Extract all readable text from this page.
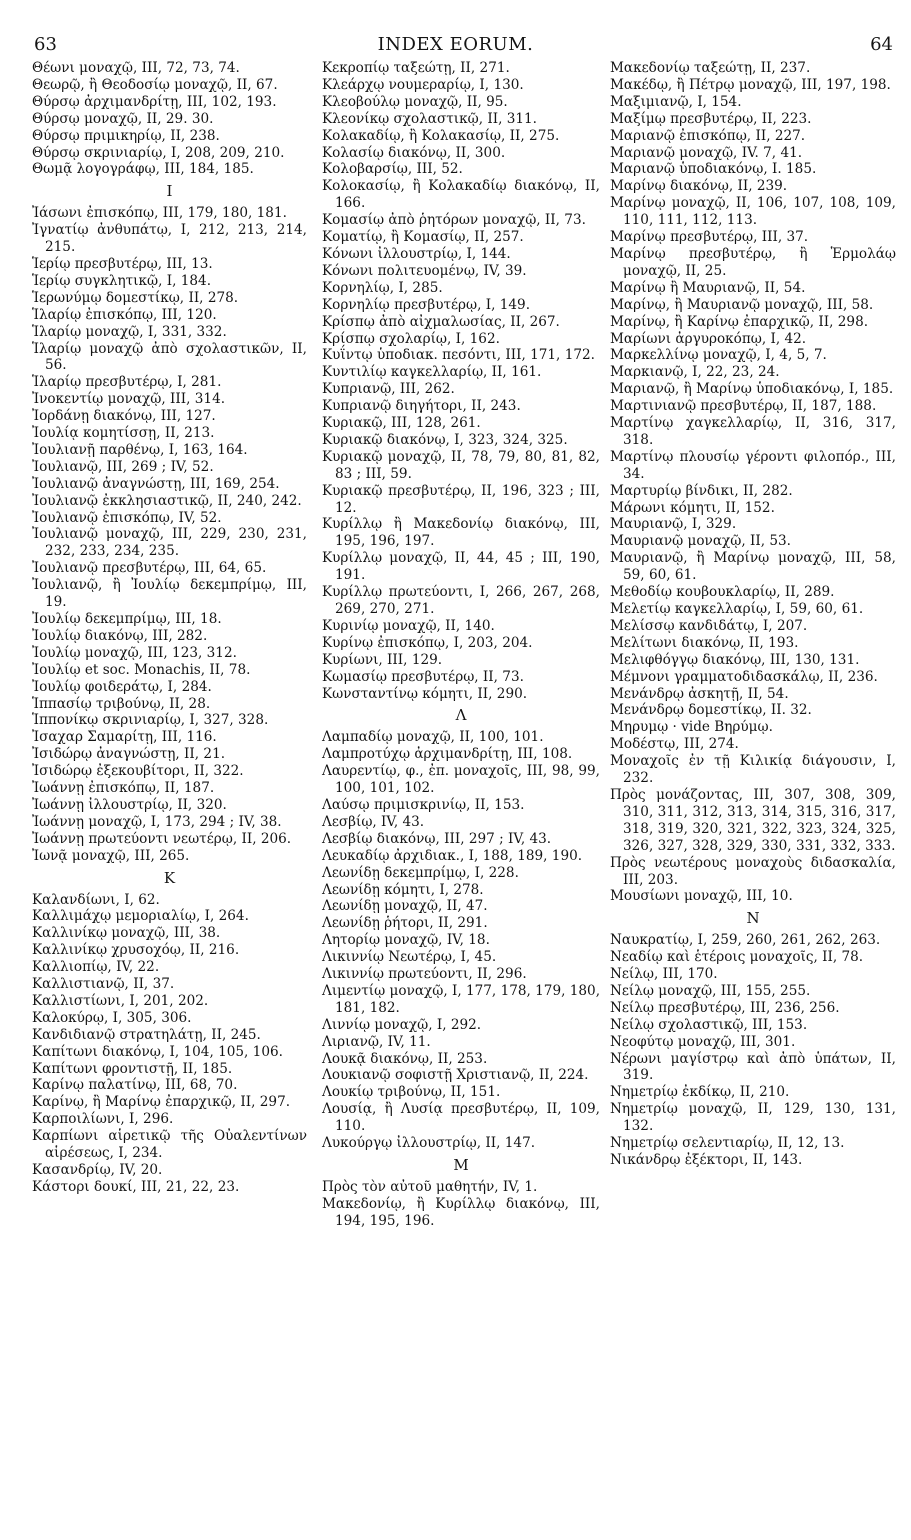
63	INDEX EORUM.	64

Θέωνι μοναχῷ, III, 72, 73, 74.

Θεωρῷ, ἢ Θεοδοσίῳ μοναχῷ, II, 67.

Θύρσῳ ἀρχιμανδρίτῃ, III, 102, 193.

Θύρσῳ μοναχῷ, II, 29. 30.

Θύρσῳ πριμικηρίῳ, II, 238.

Θύρσῳ σκρινιαρίῳ, I, 208, 209, 210.

Θωμᾷ λογογράφῳ, III, 184, 185.

I

Ἰάσωνι ἐπισκόπῳ, III, 179, 180, 181.

Ἰγνατίῳ ἀνθυπάτῳ, I, 212, 213, 214, 215.

Ἱερίῳ πρεσβυτέρῳ, III, 13.

Ἱερίῳ συγκλητικῷ, I, 184.

Ἱερωνύμῳ δομεστίκῳ, II, 278.

Ἱλαρίῳ ἐπισκόπῳ, III, 120.

Ἱλαρίῳ μοναχῷ, I, 331, 332.

Ἱλαρίῳ μοναχῷ ἀπὸ σχολαστικῶν, II, 56.

Ἱλαρίῳ πρεσβυτέρῳ, I, 281.

Ἰνοκεντίῳ μοναχῷ, III, 314.

Ἰορδάνῃ διακόνῳ, III, 127.

Ἰουλίᾳ κομητίσσῃ, II, 213.

Ἰουλιανῇ παρθένῳ, I, 163, 164.

Ἰουλιανῷ, III, 269 ; IV, 52.

Ἰουλιανῷ ἀναγνώστῃ, III, 169, 254.

Ἰουλιανῷ ἐκκλησιαστικῷ, II, 240, 242.

Ἰουλιανῷ ἐπισκόπῳ, IV, 52.

Ἰουλιανῷ μοναχῷ, III, 229, 230, 231, 232, 233, 234, 235.

Ἰουλιανῷ πρεσβυτέρῳ, III, 64, 65.

Ἰουλιανῷ, ἢ Ἰουλίῳ δεκεμπρίμῳ, III, 19.

Ἰουλίῳ δεκεμπρίμῳ, III, 18.

Ἰουλίῳ διακόνῳ, III, 282.

Ἰουλίῳ μοναχῷ, III, 123, 312.

Ἰουλίῳ et soc. Monachis, II, 78.

Ἰουλίῳ φοιδεράτῳ, I, 284.

Ἱππασίῳ τριβούνῳ, II, 28.

Ἱππονίκῳ σκρινιαρίῳ, I, 327, 328.

Ἰσαχαρ Σαμαρίτῃ, III, 116.

Ἰσιδώρῳ ἀναγνώστῃ, II, 21.

Ἰσιδώρῳ ἐξεκουβίτορι, II, 322.

Ἰωάννῃ ἐπισκόπῳ, II, 187.

Ἰωάννῃ ἰλλουστρίῳ, II, 320.

Ἰωάννῃ μοναχῷ, I, 173, 294 ; IV, 38.

Ἰωάννῃ πρωτεύοντι νεωτέρῳ, II, 206.

Ἰωνᾷ μοναχῷ, III, 265.

K

Καλανδίωνι, I, 62.

Καλλιμάχῳ μεμοριαλίῳ, I, 264.

Καλλινίκῳ μοναχῷ, III, 38.

Καλλινίκῳ χρυσοχόῳ, II, 216.

Καλλιοπίῳ, IV, 22.

Καλλιστιανῷ, II, 37.

Καλλιστίωνι, I, 201, 202.

Καλοκύρῳ, I, 305, 306.

Κανδιδιανῷ στρατηλάτῃ, II, 245.

Καπίτωνι διακόνῳ, I, 104, 105, 106.

Καπίτωνι φροντιστῇ, II, 185.

Καρίνῳ παλατίνῳ, III, 68, 70.

Καρίνῳ, ἢ Μαρίνῳ ἐπαρχικῷ, II, 297.

Καρποιλίωνι, I, 296.

Καρπίωνι αἱρετικῷ τῆς Οὐαλεντίνων αἱρέσεως, I, 234.

Κασανδρίῳ, IV, 20.

Κάστορι δουκί, III, 21, 22, 23.

Κεκροπίῳ ταξεώτῃ, II, 271.

Κλεάρχῳ νουμεραρίῳ, I, 130.

Κλεοβούλῳ μοναχῷ, II, 95.

Κλεονίκῳ σχολαστικῷ, II, 311.

Κολακαδίῳ, ἢ Κολακασίῳ, II, 275.

Κολασίῳ διακόνῳ, II, 300.

Κολοβαρσίῳ, III, 52.

Κολοκασίῳ, ἢ Κολακαδίῳ διακόνῳ, II, 166.

Κομασίῳ ἀπὸ ῥητόρων μοναχῷ, II, 73.

Κοματίῳ, ἢ Κομασίῳ, II, 257.

Κόνωνι ἰλλουστρίῳ, I, 144.

Κόνωνι πολιτευομένῳ, IV, 39.

Κορνηλίῳ, I, 285.

Κορνηλίῳ πρεσβυτέρῳ, I, 149.

Κρίσπῳ ἀπὸ αἰχμαλωσίας, II, 267.

Κρίσπῳ σχολαρίῳ, I, 162.

Κυΐντῳ ὑποδιακ. πεσόντι, III, 171, 172.

Κυντιλίῳ καγκελλαρίῳ, II, 161.

Κυπριανῷ, III, 262.

Κυπριανῷ διηγήτορι, II, 243.

Κυριακῷ, III, 128, 261.

Κυριακῷ διακόνῳ, I, 323, 324, 325.

Κυριακῷ μοναχῷ, II, 78, 79, 80, 81, 82, 83 ; III, 59.

Κυριακῷ πρεσβυτέρῳ, II, 196, 323 ; III, 12.

Κυρίλλῳ ἢ Μακεδονίῳ διακόνῳ, III, 195, 196, 197.

Κυρίλλῳ μοναχῷ, II, 44, 45 ; III, 190, 191.

Κυρίλλῳ πρωτεύοντι, I, 266, 267, 268, 269, 270, 271.

Κυρινίῳ μοναχῷ, II, 140.

Κυρίνῳ ἐπισκόπῳ, I, 203, 204.

Κυρίωνι, III, 129.

Κωμασίῳ πρεσβυτέρῳ, II, 73.

Κωνσταντίνῳ κόμητι, II, 290.

Λ

Λαμπαδίῳ μοναχῷ, II, 100, 101.

Λαμπροτύχῳ ἀρχιμανδρίτῃ, III, 108.

Λαυρεντίῳ, φ., ἐπ. μοναχοῖς, III, 98, 99, 100, 101, 102.

Λαύσῳ πριμισκρινίῳ, II, 153.

Λεσβίῳ, IV, 43.

Λεσβίῳ διακόνῳ, III, 297 ; IV, 43.

Λευκαδίῳ ἀρχιδιακ., I, 188, 189, 190.

Λεωνίδῃ δεκεμπρίμῳ, I, 228.

Λεωνίδῃ κόμητι, I, 278.

Λεωνίδῃ μοναχῷ, II, 47.

Λεωνίδῃ ῥήτορι, II, 291.

Λητορίῳ μοναχῷ, IV, 18.

Λικιννίῳ Νεωτέρῳ, I, 45.

Λικιννίῳ πρωτεύοντι, II, 296.

Λιμεντίῳ μοναχῷ, I, 177, 178, 179, 180, 181, 182.

Λιννίῳ μοναχῷ, I, 292.

Λιριανῷ, IV, 11.

Λουκᾷ διακόνῳ, II, 253.

Λουκιανῷ σοφιστῇ Χριστιανῷ, II, 224.

Λουκίῳ τριβούνῳ, II, 151.

Λουσίᾳ, ἢ Λυσίᾳ πρεσβυτέρῳ, II, 109, 110.

Λυκούργῳ ἰλλουστρίῳ, II, 147.

M

Πρὸς τὸν αὐτοῦ μαθητήν, IV, 1.

Μακεδονίῳ, ἢ Κυρίλλῳ διακόνῳ, III, 194, 195, 196.

Μακεδονίῳ ταξεώτῃ, II, 237.

Μακέδῳ, ἢ Πέτρῳ μοναχῷ, III, 197, 198.

Μαξιμιανῷ, I, 154.

Μαξίμῳ πρεσβυτέρῳ, II, 223.

Μαριανῷ ἐπισκόπῳ, II, 227.

Μαριανῷ μοναχῷ, IV. 7, 41.

Μαριανῷ ὑποδιακόνῳ, I. 185.

Μαρίνῳ διακόνῳ, II, 239.

Μαρίνῳ μοναχῷ, II, 106, 107, 108, 109, 110, 111, 112, 113.

Μαρίνῳ πρεσβυτέρῳ, III, 37.

Μαρίνῳ πρεσβυτέρῳ, ἢ Ἑρμολάῳ μοναχῷ, II, 25.

Μαρίνῳ ἢ Μαυριανῷ, II, 54.

Μαρίνῳ, ἢ Μαυριανῷ μοναχῷ, III, 58.

Μαρίνῳ, ἢ Καρίνῳ ἐπαρχικῷ, II, 298.

Μαρίωνι ἀργυροκόπῳ, I, 42.

Μαρκελλίνῳ μοναχῷ, I, 4, 5, 7.

Μαρκιανῷ, I, 22, 23, 24.

Μαριανῷ, ἢ Μαρίνῳ ὑποδιακόνῳ, I, 185.

Μαρτινιανῷ πρεσβυτέρῳ, II, 187, 188.

Μαρτίνῳ χαγκελλαρίῳ, II, 316, 317, 318.

Μαρτίνῳ πλουσίῳ γέροντι φιλοπόρ., III, 34.

Μαρτυρίῳ βίνδικι, II, 282.

Μάρωνι κόμητι, II, 152.

Μαυριανῷ, I, 329.

Μαυριανῷ μοναχῷ, II, 53.

Μαυριανῷ, ἢ Μαρίνῳ μοναχῷ, III, 58, 59, 60, 61.

Μεθοδίῳ κουβουκλαρίῳ, II, 289.

Μελετίῳ καγκελλαρίῳ, I, 59, 60, 61.

Μελίσσῳ κανδιδάτῳ, I, 207.

Μελίτωνι διακόνῳ, II, 193.

Μελιφθόγγῳ διακόνῳ, III, 130, 131.

Μέμνονι γραμματοδιδασκάλῳ, II, 236.

Μενάνδρῳ ἀσκητῇ, II, 54.

Μενάνδρῳ δομεστίκῳ, II. 32.

Μηρυμῳ · vide Βηρύμῳ.

Μοδέστῳ, III, 274.

Μοναχοῖς ἐν τῇ Κιλικίᾳ διάγουσιν, I, 232.

Πρὸς μονάζοντας, III, 307, 308, 309, 310, 311, 312, 313, 314, 315, 316, 317, 318, 319, 320, 321, 322, 323, 324, 325, 326, 327, 328, 329, 330, 331, 332, 333.

Πρὸς νεωτέρους μοναχοὺς διδασκαλία, III, 203.

Μουσίωνι μοναχῷ, III, 10.

N

Ναυκρατίῳ, I, 259, 260, 261, 262, 263.

Νεαδίῳ καὶ ἑτέροις μοναχοῖς, II, 78.

Νείλῳ, III, 170.

Νείλῳ μοναχῷ, III, 155, 255.

Νείλῳ πρεσβυτέρῳ, III, 236, 256.

Νείλῳ σχολαστικῷ, III, 153.

Νεοφύτῳ μοναχῷ, III, 301.

Νέρωνι μαγίστρῳ καὶ ἀπὸ ὑπάτων, II, 319.

Νημετρίῳ ἐκδίκῳ, II, 210.

Νημετρίῳ μοναχῷ, II, 129, 130, 131, 132.

Νημετρίῳ σελεντιαρίῳ, II, 12, 13.

Νικάνδρῳ ἐξέκτορι, II, 143.
